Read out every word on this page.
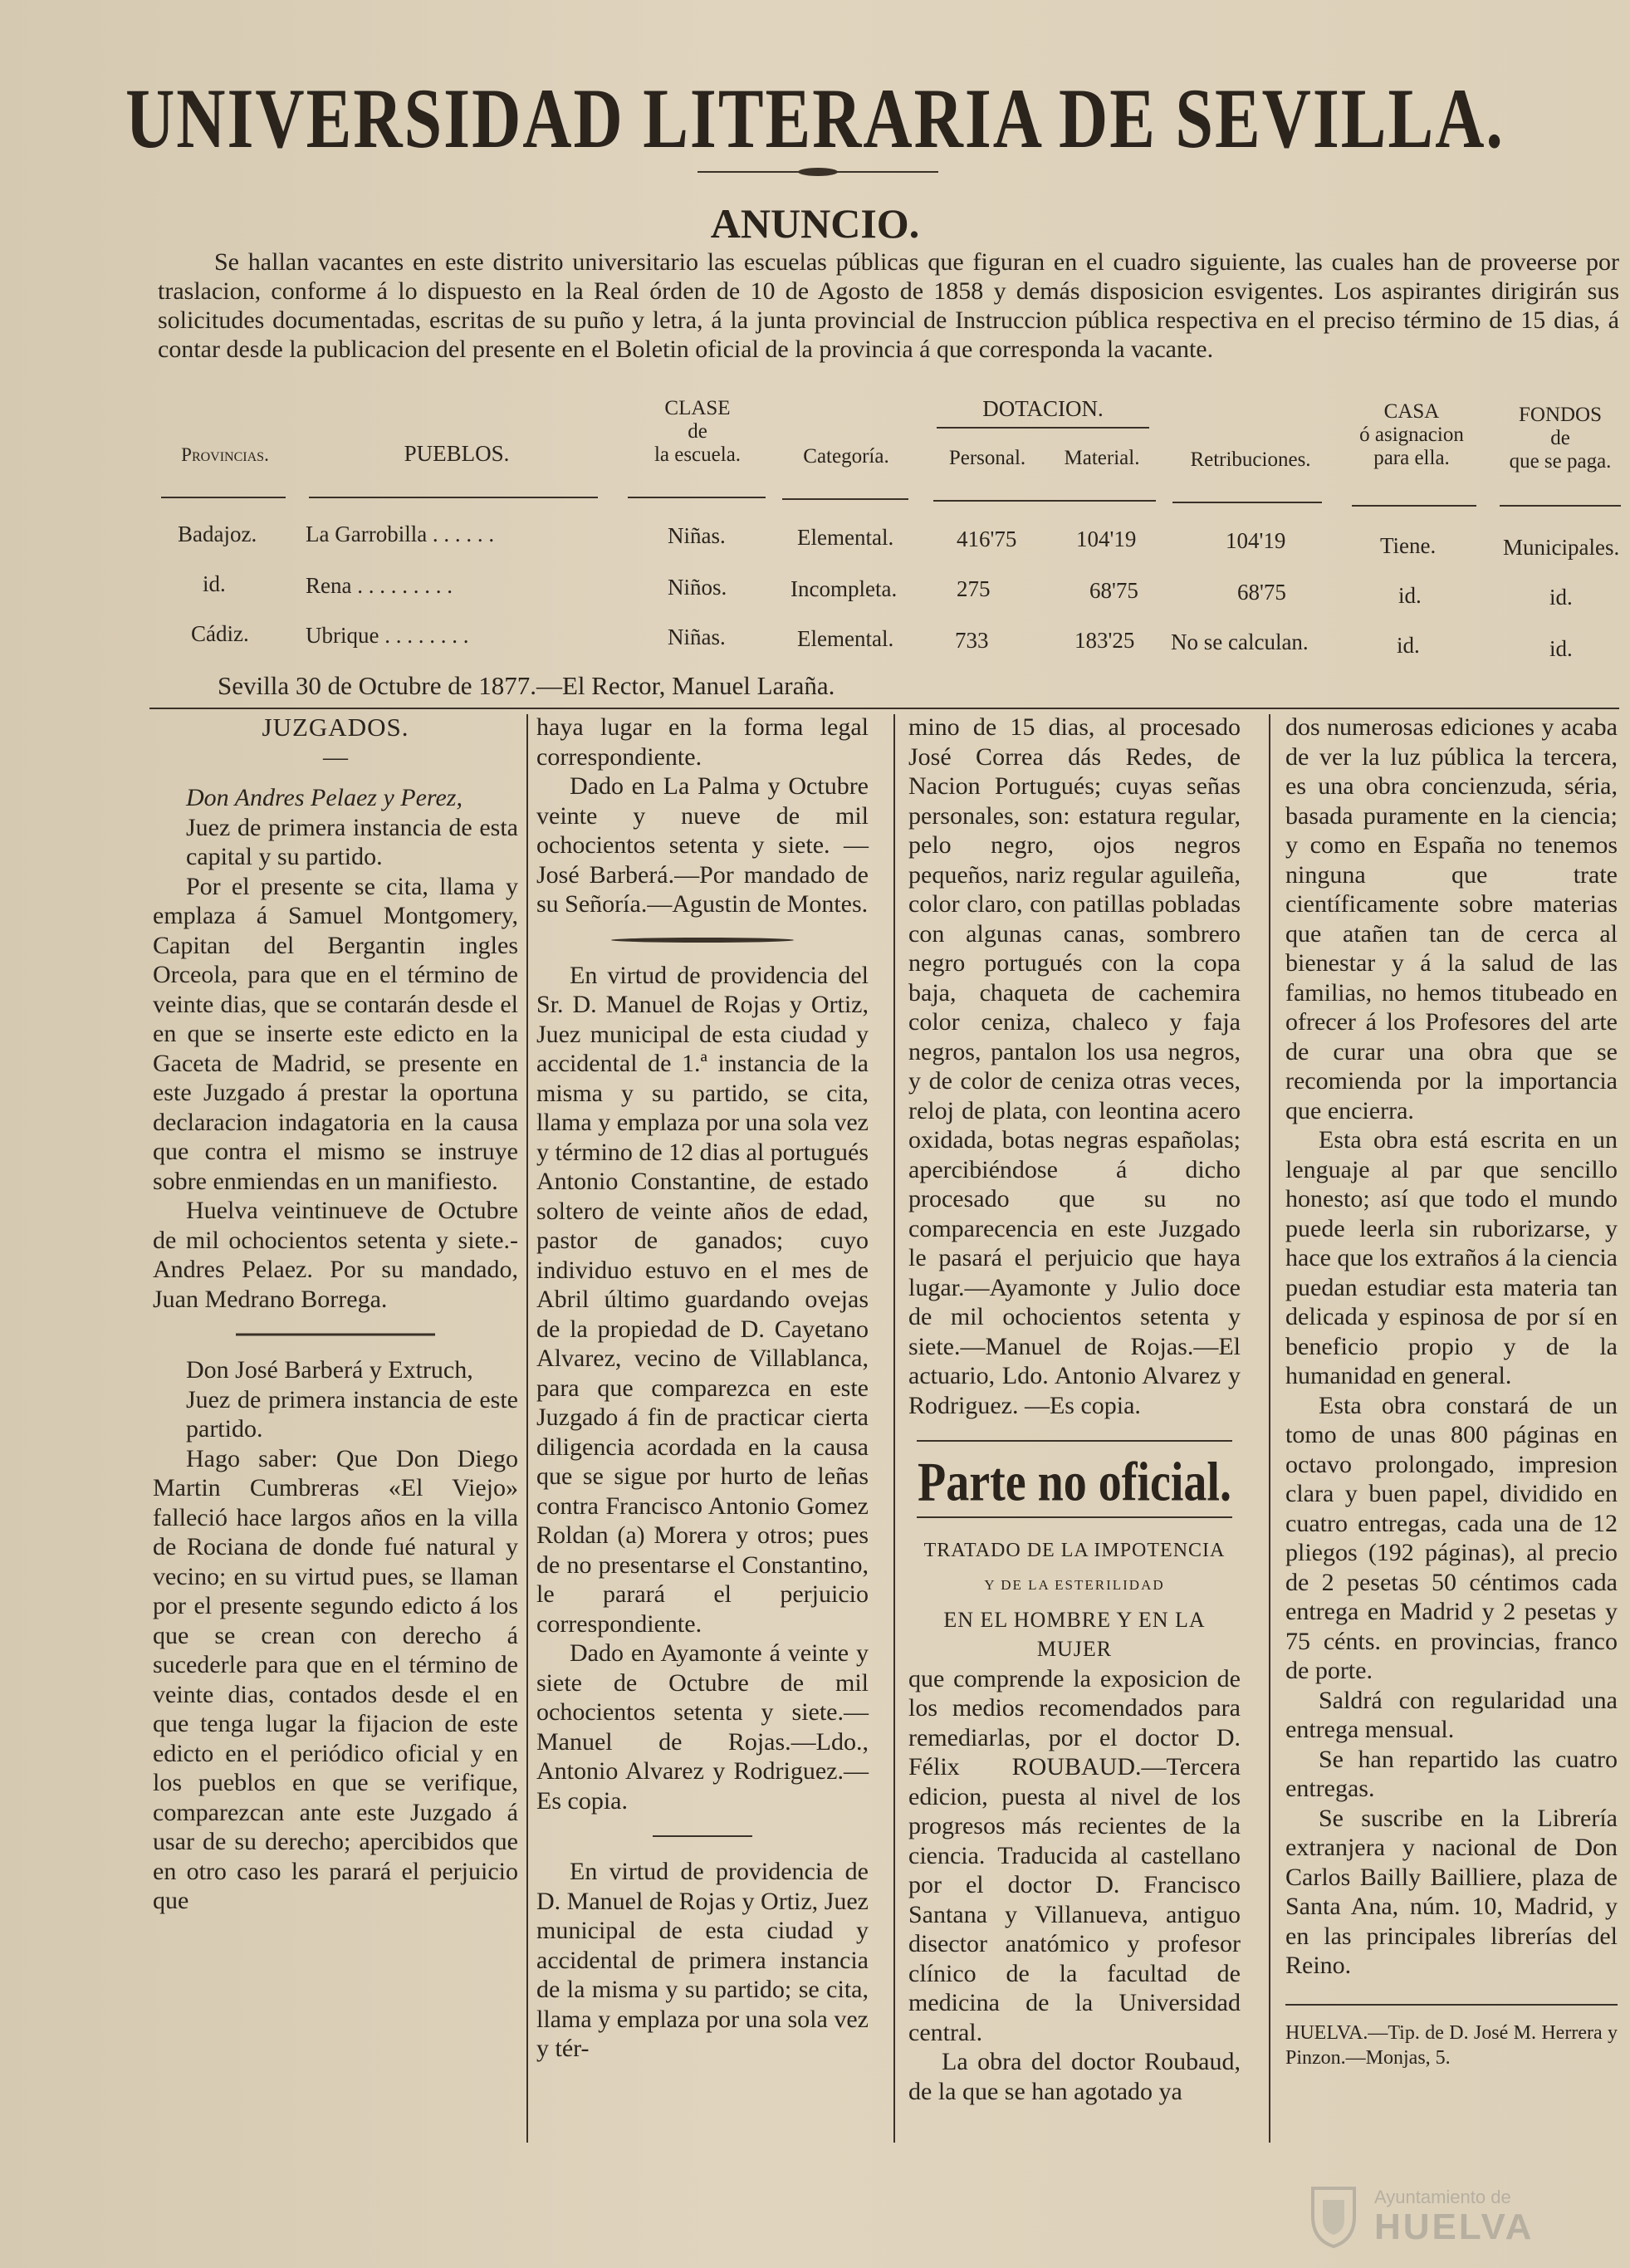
UNIVERSIDAD LITERARIA DE SEVILLA.
ANUNCIO.

Se hallan vacantes en este distrito universitario las escuelas públicas que figuran en el cuadro siguiente, las cuales han de proveerse por traslacion, conforme á lo dispuesto en la Real órden de 10 de Agosto de 1858 y demás disposicion esvigentes. Los aspirantes dirigirán sus solicitudes documentadas, escritas de su puño y letra, á la junta provincial de Instruccion pública respectiva en el preciso término de 15 dias, á contar desde la publicacion del presente en el Boletin oficial de la provincia á que corresponda la vacante.

Provincias.	PUEBLOS.
CLASE
de
la escuela.	Categoría.
DOTACION.
Personal.	Material.	Retribuciones.
CASA
ó asignacion
para ella.
FONDOS
de
que se paga.
Badajoz. La Garrobilla . . . . . .	Niñas.	Elemental.	416'75	104'19	104'19	Tiene.	Municipales.
id.	Rena . . . . . . . . .	Niños.	Incompleta.	275	68'75	68'75	id.	id.
Cádiz.	Ubrique . . . . . . . .	Niñas.	Elemental.	733	183'25 No se calculan.	id.	id.
Sevilla 30 de Octubre de 1877.—El Rector, Manuel Laraña.

JUZGADOS.

—

Don Andres Pelaez y Perez,

Juez de primera instancia de esta capital y su partido.

Por el presente se cita, llama y emplaza á Samuel Montgomery, Capitan del Bergantin ingles Orceola, para que en el término de veinte dias, que se contarán desde el en que se inserte este edicto en la Gaceta de Madrid, se presente en este Juzgado á prestar la oportuna declaracion indagatoria en la causa que contra el mismo se instruye sobre enmiendas en un manifiesto.

Huelva veintinueve de Octubre de mil ochocientos setenta y siete.-Andres Pelaez. Por su mandado, Juan Medrano Borrega.

Don José Barberá y Extruch,

Juez de primera instancia de este partido.

Hago saber: Que Don Diego Martin Cumbreras «El Viejo» falleció hace largos años en la villa de Rociana de donde fué natural y vecino; en su virtud pues, se llaman por el presente segundo edicto á los que se crean con derecho á sucederle para que en el término de veinte dias, contados desde el en que tenga lugar la fijacion de este edicto en el periódico oficial y en los pueblos en que se verifique, comparezcan ante este Juzgado á usar de su derecho; apercibidos que en otro caso les parará el perjuicio que

haya lugar en la forma legal correspondiente.

Dado en La Palma y Octubre veinte y nueve de mil ochocientos setenta y siete. —José Barberá.—Por mandado de su Señoría.—Agustin de Montes.

En virtud de providencia del Sr. D. Manuel de Rojas y Ortiz, Juez municipal de esta ciudad y accidental de 1.ª instancia de la misma y su partido, se cita, llama y emplaza por una sola vez y término de 12 dias al portugués Antonio Constantine, de estado soltero de veinte años de edad, pastor de ganados; cuyo individuo estuvo en el mes de Abril último guardando ovejas de la propiedad de D. Cayetano Alvarez, vecino de Villablanca, para que comparezca en este Juzgado á fin de practicar cierta diligencia acordada en la causa que se sigue por hurto de leñas contra Francisco Antonio Gomez Roldan (a) Morera y otros; pues de no presentarse el Constantino, le parará el perjuicio correspondiente.

Dado en Ayamonte á veinte y siete de Octubre de mil ochocientos setenta y siete.—Manuel de Rojas.—Ldo., Antonio Alvarez y Rodriguez.—Es copia.

En virtud de providencia de D. Manuel de Rojas y Ortiz, Juez municipal de esta ciudad y accidental de primera instancia de la misma y su partido; se cita, llama y emplaza por una sola vez y tér-

mino de 15 dias, al procesado José Correa dás Redes, de Nacion Portugués; cuyas señas personales, son: estatura regular, pelo negro, ojos negros pequeños, nariz regular aguileña, color claro, con patillas pobladas con algunas canas, sombrero negro portugués con la copa baja, chaqueta de cachemira color ceniza, chaleco y faja negros, pantalon los usa negros, y de color de ceniza otras veces, reloj de plata, con leontina acero oxidada, botas negras españolas; apercibiéndose á dicho procesado que su no comparecencia en este Juzgado le pasará el perjuicio que haya lugar.—Ayamonte y Julio doce de mil ochocientos setenta y siete.—Manuel de Rojas.—El actuario, Ldo. Antonio Alvarez y Rodriguez. —Es copia.

Parte no oficial.

TRATADO DE LA IMPOTENCIA

Y DE LA ESTERILIDAD

EN EL HOMBRE Y EN LA MUJER

que comprende la exposicion de los medios recomendados para remediarlas, por el doctor D. Félix ROUBAUD.—Tercera edicion, puesta al nivel de los progresos más recientes de la ciencia. Traducida al castellano por el doctor D. Francisco Santana y Villanueva, antiguo disector anatómico y profesor clínico de la facultad de medicina de la Universidad central.

La obra del doctor Roubaud, de la que se han agotado ya

dos numerosas ediciones y acaba de ver la luz pública la tercera, es una obra concienzuda, séria, basada puramente en la ciencia; y como en España no tenemos ninguna que trate científicamente sobre materias que atañen tan de cerca al bienestar y á la salud de las familias, no hemos titubeado en ofrecer á los Profesores del arte de curar una obra que se recomienda por la importancia que encierra.

Esta obra está escrita en un lenguaje al par que sencillo honesto; así que todo el mundo puede leerla sin ruborizarse, y hace que los extraños á la ciencia puedan estudiar esta materia tan delicada y espinosa de por sí en beneficio propio y de la humanidad en general.

Esta obra constará de un tomo de unas 800 páginas en octavo prolongado, impresion clara y buen papel, dividido en cuatro entregas, cada una de 12 pliegos (192 páginas), al precio de 2 pesetas 50 céntimos cada entrega en Madrid y 2 pesetas y 75 cénts. en provincias, franco de porte.

Saldrá con regularidad una entrega mensual.

Se han repartido las cuatro entregas.

Se suscribe en la Librería extranjera y nacional de Don Carlos Bailly Bailliere, plaza de Santa Ana, núm. 10, Madrid, y en las principales librerías del Reino.

HUELVA.—Tip. de D. José M. Herrera y Pinzon.—Monjas, 5.

Ayuntamiento de
HUELVA
